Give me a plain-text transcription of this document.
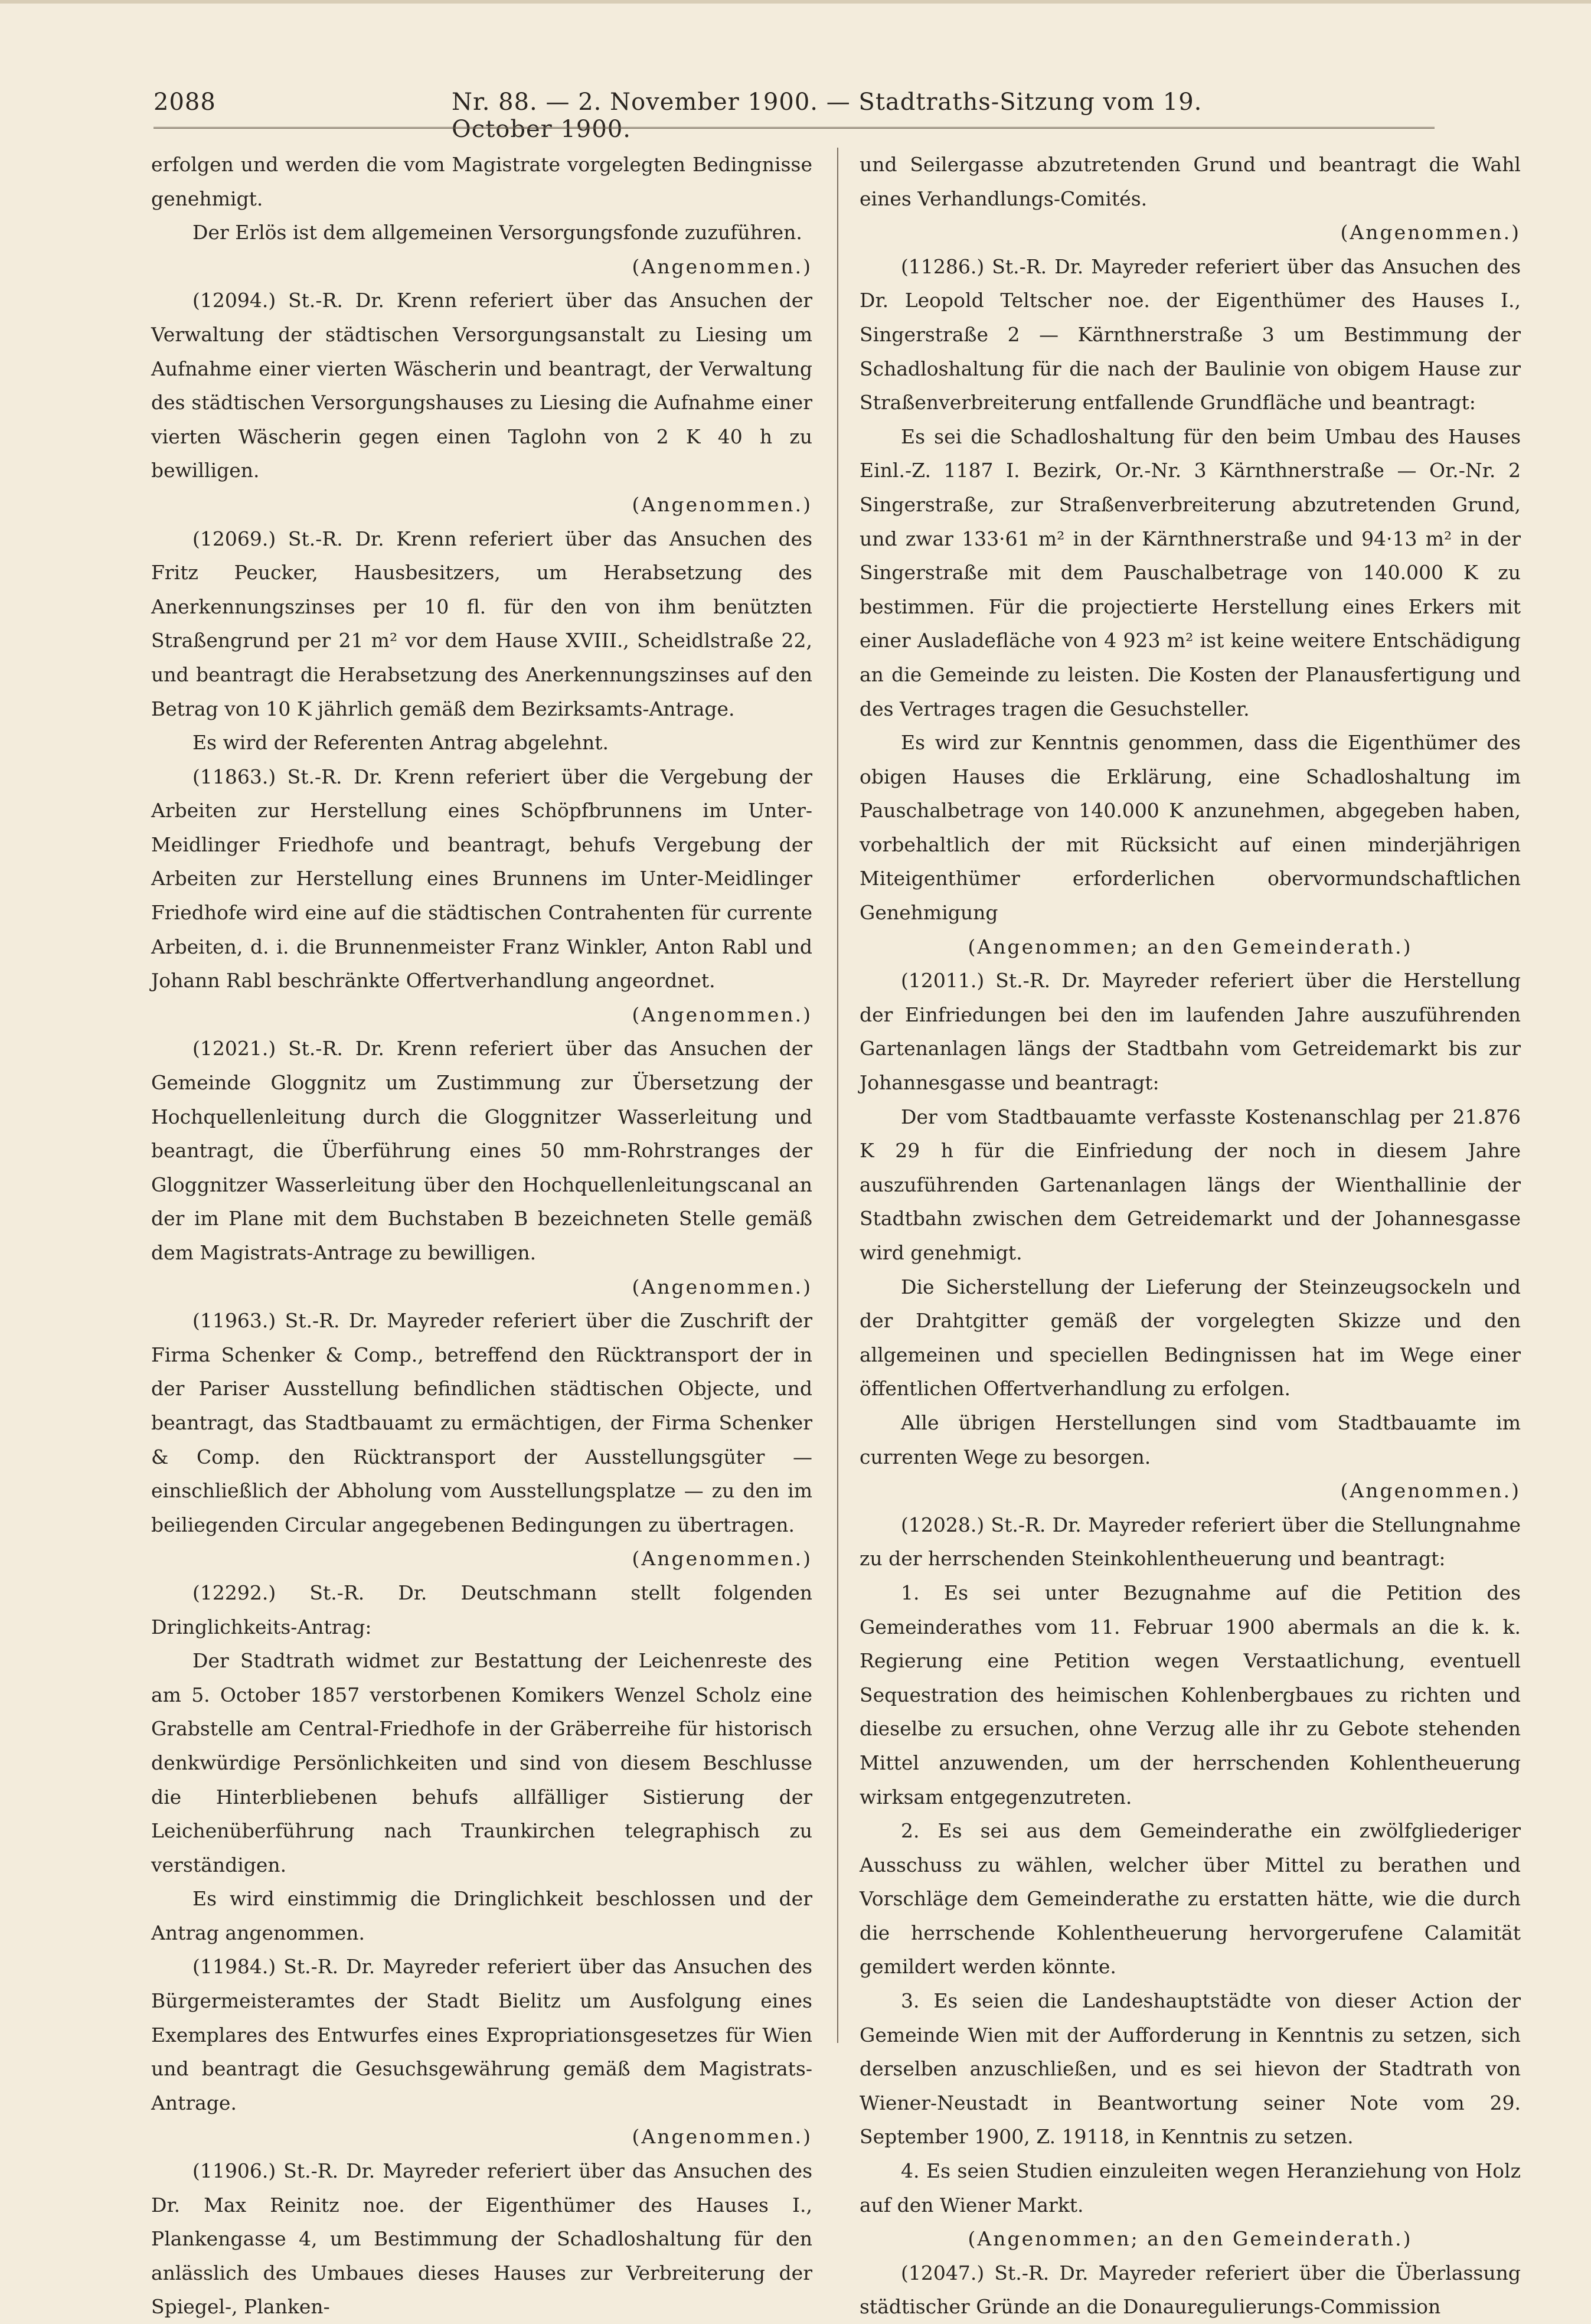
2088	Nr. 88. — 2. November 1900. — Stadtraths-Sitzung vom 19. October 1900.

erfolgen und werden die vom Magistrate vorgelegten Bedingnisse genehmigt.

Der Erlös ist dem allgemeinen Versorgungsfonde zuzuführen.

(Angenommen.)

(12094.) St.-R. Dr. Krenn referiert über das Ansuchen der Verwaltung der städtischen Versorgungsanstalt zu Liesing um Aufnahme einer vierten Wäscherin und beantragt, der Verwaltung des städtischen Versorgungshauses zu Liesing die Aufnahme einer vierten Wäscherin gegen einen Taglohn von 2 K 40 h zu bewilligen.

(Angenommen.)

(12069.) St.-R. Dr. Krenn referiert über das Ansuchen des Fritz Peucker, Hausbesitzers, um Herabsetzung des Anerkennungszinses per 10 fl. für den von ihm benützten Straßengrund per 21 m² vor dem Hause XVIII., Scheidlstraße 22, und beantragt die Herabsetzung des Anerkennungszinses auf den Betrag von 10 K jährlich gemäß dem Bezirksamts-Antrage.

Es wird der Referenten Antrag abgelehnt.

(11863.) St.-R. Dr. Krenn referiert über die Vergebung der Arbeiten zur Herstellung eines Schöpfbrunnens im Unter-Meidlinger Friedhofe und beantragt, behufs Vergebung der Arbeiten zur Herstellung eines Brunnens im Unter-Meidlinger Friedhofe wird eine auf die städtischen Contrahenten für currente Arbeiten, d. i. die Brunnenmeister Franz Winkler, Anton Rabl und Johann Rabl beschränkte Offertverhandlung angeordnet.

(Angenommen.)

(12021.) St.-R. Dr. Krenn referiert über das Ansuchen der Gemeinde Gloggnitz um Zustimmung zur Übersetzung der Hochquellenleitung durch die Gloggnitzer Wasserleitung und beantragt, die Überführung eines 50 mm-Rohrstranges der Gloggnitzer Wasserleitung über den Hochquellenleitungscanal an der im Plane mit dem Buchstaben B bezeichneten Stelle gemäß dem Magistrats-Antrage zu bewilligen.

(Angenommen.)

(11963.) St.-R. Dr. Mayreder referiert über die Zuschrift der Firma Schenker & Comp., betreffend den Rücktransport der in der Pariser Ausstellung befindlichen städtischen Objecte, und beantragt, das Stadtbauamt zu ermächtigen, der Firma Schenker & Comp. den Rücktransport der Ausstellungsgüter — einschließlich der Abholung vom Ausstellungsplatze — zu den im beiliegenden Circular angegebenen Bedingungen zu übertragen.

(Angenommen.)

(12292.) St.-R. Dr. Deutschmann stellt folgenden Dringlichkeits-Antrag:

Der Stadtrath widmet zur Bestattung der Leichenreste des am 5. October 1857 verstorbenen Komikers Wenzel Scholz eine Grabstelle am Central-Friedhofe in der Gräberreihe für historisch denkwürdige Persönlichkeiten und sind von diesem Beschlusse die Hinterbliebenen behufs allfälliger Sistierung der Leichenüberführung nach Traunkirchen telegraphisch zu verständigen.

Es wird einstimmig die Dringlichkeit beschlossen und der Antrag angenommen.

(11984.) St.-R. Dr. Mayreder referiert über das Ansuchen des Bürgermeisteramtes der Stadt Bielitz um Ausfolgung eines Exemplares des Entwurfes eines Expropriationsgesetzes für Wien und beantragt die Gesuchsgewährung gemäß dem Magistrats-Antrage.

(Angenommen.)

(11906.) St.-R. Dr. Mayreder referiert über das Ansuchen des Dr. Max Reinitz noe. der Eigenthümer des Hauses I., Plankengasse 4, um Bestimmung der Schadloshaltung für den anlässlich des Umbaues dieses Hauses zur Verbreiterung der Spiegel-, Planken-

und Seilergasse abzutretenden Grund und beantragt die Wahl eines Verhandlungs-Comités.

(Angenommen.)

(11286.) St.-R. Dr. Mayreder referiert über das Ansuchen des Dr. Leopold Teltscher noe. der Eigenthümer des Hauses I., Singerstraße 2 — Kärnthnerstraße 3 um Bestimmung der Schadloshaltung für die nach der Baulinie von obigem Hause zur Straßenverbreiterung entfallende Grundfläche und beantragt:

Es sei die Schadloshaltung für den beim Umbau des Hauses Einl.-Z. 1187 I. Bezirk, Or.-Nr. 3 Kärnthnerstraße — Or.-Nr. 2 Singerstraße, zur Straßenverbreiterung abzutretenden Grund, und zwar 133·61 m² in der Kärnthnerstraße und 94·13 m² in der Singerstraße mit dem Pauschalbetrage von 140.000 K zu bestimmen. Für die projectierte Herstellung eines Erkers mit einer Ausladefläche von 4 923 m² ist keine weitere Entschädigung an die Gemeinde zu leisten. Die Kosten der Planausfertigung und des Vertrages tragen die Gesuchsteller.

Es wird zur Kenntnis genommen, dass die Eigenthümer des obigen Hauses die Erklärung, eine Schadloshaltung im Pauschalbetrage von 140.000 K anzunehmen, abgegeben haben, vorbehaltlich der mit Rücksicht auf einen minderjährigen Miteigenthümer erforderlichen obervormundschaftlichen Genehmigung

(Angenommen; an den Gemeinderath.)

(12011.) St.-R. Dr. Mayreder referiert über die Herstellung der Einfriedungen bei den im laufenden Jahre auszuführenden Gartenanlagen längs der Stadtbahn vom Getreidemarkt bis zur Johannesgasse und beantragt:

Der vom Stadtbauamte verfasste Kostenanschlag per 21.876 K 29 h für die Einfriedung der noch in diesem Jahre auszuführenden Gartenanlagen längs der Wienthallinie der Stadtbahn zwischen dem Getreidemarkt und der Johannesgasse wird genehmigt.

Die Sicherstellung der Lieferung der Steinzeugsockeln und der Drahtgitter gemäß der vorgelegten Skizze und den allgemeinen und speciellen Bedingnissen hat im Wege einer öffentlichen Offertverhandlung zu erfolgen.

Alle übrigen Herstellungen sind vom Stadtbauamte im currenten Wege zu besorgen.

(Angenommen.)

(12028.) St.-R. Dr. Mayreder referiert über die Stellungnahme zu der herrschenden Steinkohlentheuerung und beantragt:

1. Es sei unter Bezugnahme auf die Petition des Gemeinderathes vom 11. Februar 1900 abermals an die k. k. Regierung eine Petition wegen Verstaatlichung, eventuell Sequestration des heimischen Kohlenbergbaues zu richten und dieselbe zu ersuchen, ohne Verzug alle ihr zu Gebote stehenden Mittel anzuwenden, um der herrschenden Kohlentheuerung wirksam entgegenzutreten.

2. Es sei aus dem Gemeinderathe ein zwölfgliederiger Ausschuss zu wählen, welcher über Mittel zu berathen und Vorschläge dem Gemeinderathe zu erstatten hätte, wie die durch die herrschende Kohlentheuerung hervorgerufene Calamität gemildert werden könnte.

3. Es seien die Landeshauptstädte von dieser Action der Gemeinde Wien mit der Aufforderung in Kenntnis zu setzen, sich derselben anzuschließen, und es sei hievon der Stadtrath von Wiener-Neustadt in Beantwortung seiner Note vom 29. September 1900, Z. 19118, in Kenntnis zu setzen.

4. Es seien Studien einzuleiten wegen Heranziehung von Holz auf den Wiener Markt.

(Angenommen; an den Gemeinderath.)

(12047.) St.-R. Dr. Mayreder referiert über die Überlassung städtischer Gründe an die Donauregulierungs-Commission
